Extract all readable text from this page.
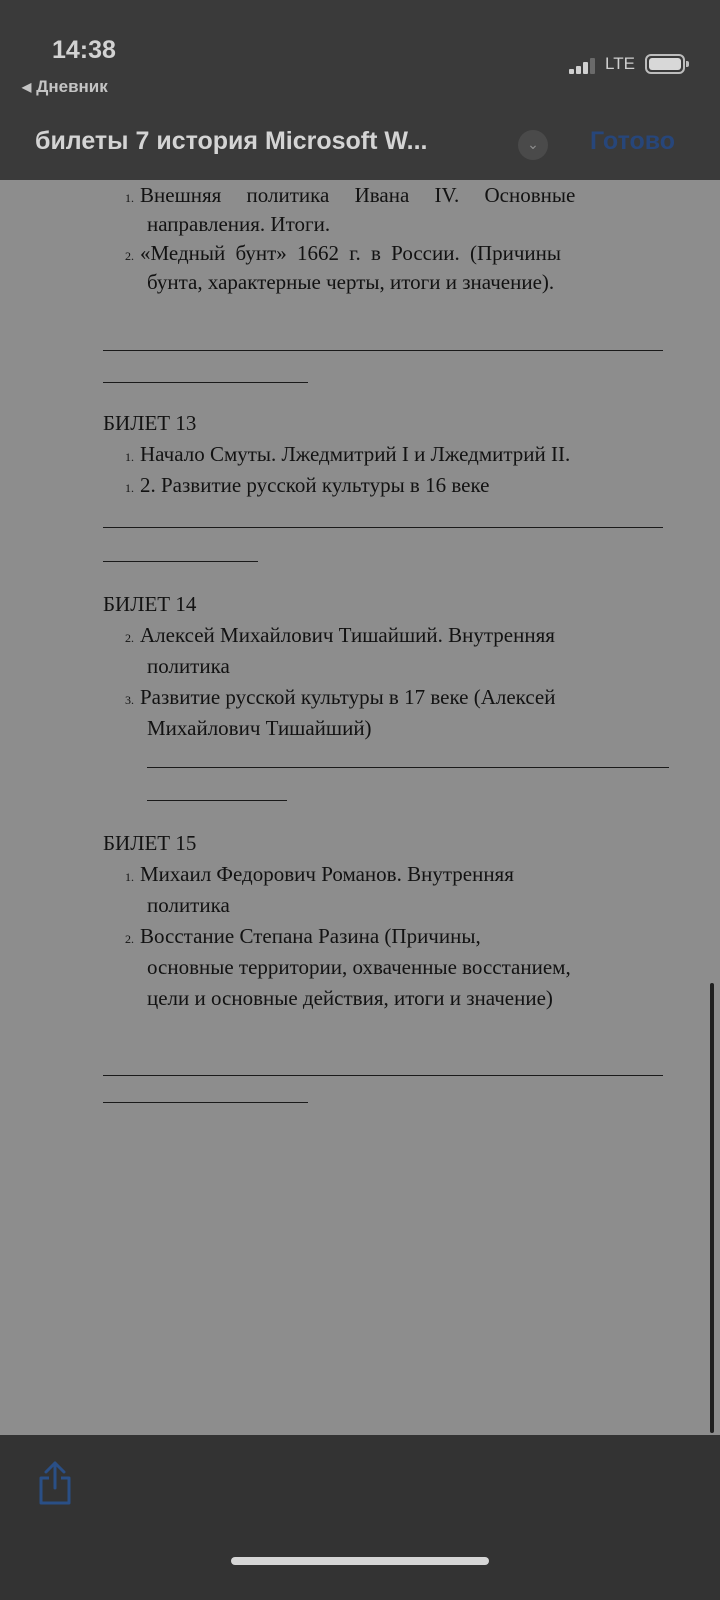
14:38
◀ Дневник
LTE
билеты 7 история Microsoft W...	⌄	Готово
1. Внешняя политика Ивана IV. Основные
направления. Итоги.
2. «Медный бунт» 1662 г. в России. (Причины
бунта, характерные черты, итоги и значение).
БИЛЕТ 13
1. Начало Смуты. Лжедмитрий I и Лжедмитрий II.
1. 2. Развитие русской культуры в 16 веке
БИЛЕТ 14
2. Алексей Михайлович Тишайший. Внутренняя
политика
3. Развитие русской культуры в 17 веке (Алексей
Михайлович Тишайший)
БИЛЕТ 15
1. Михаил Федорович Романов. Внутренняя
политика
2. Восстание Степана Разина (Причины,
основные территории, охваченные восстанием,
цели и основные действия, итоги и значение)
